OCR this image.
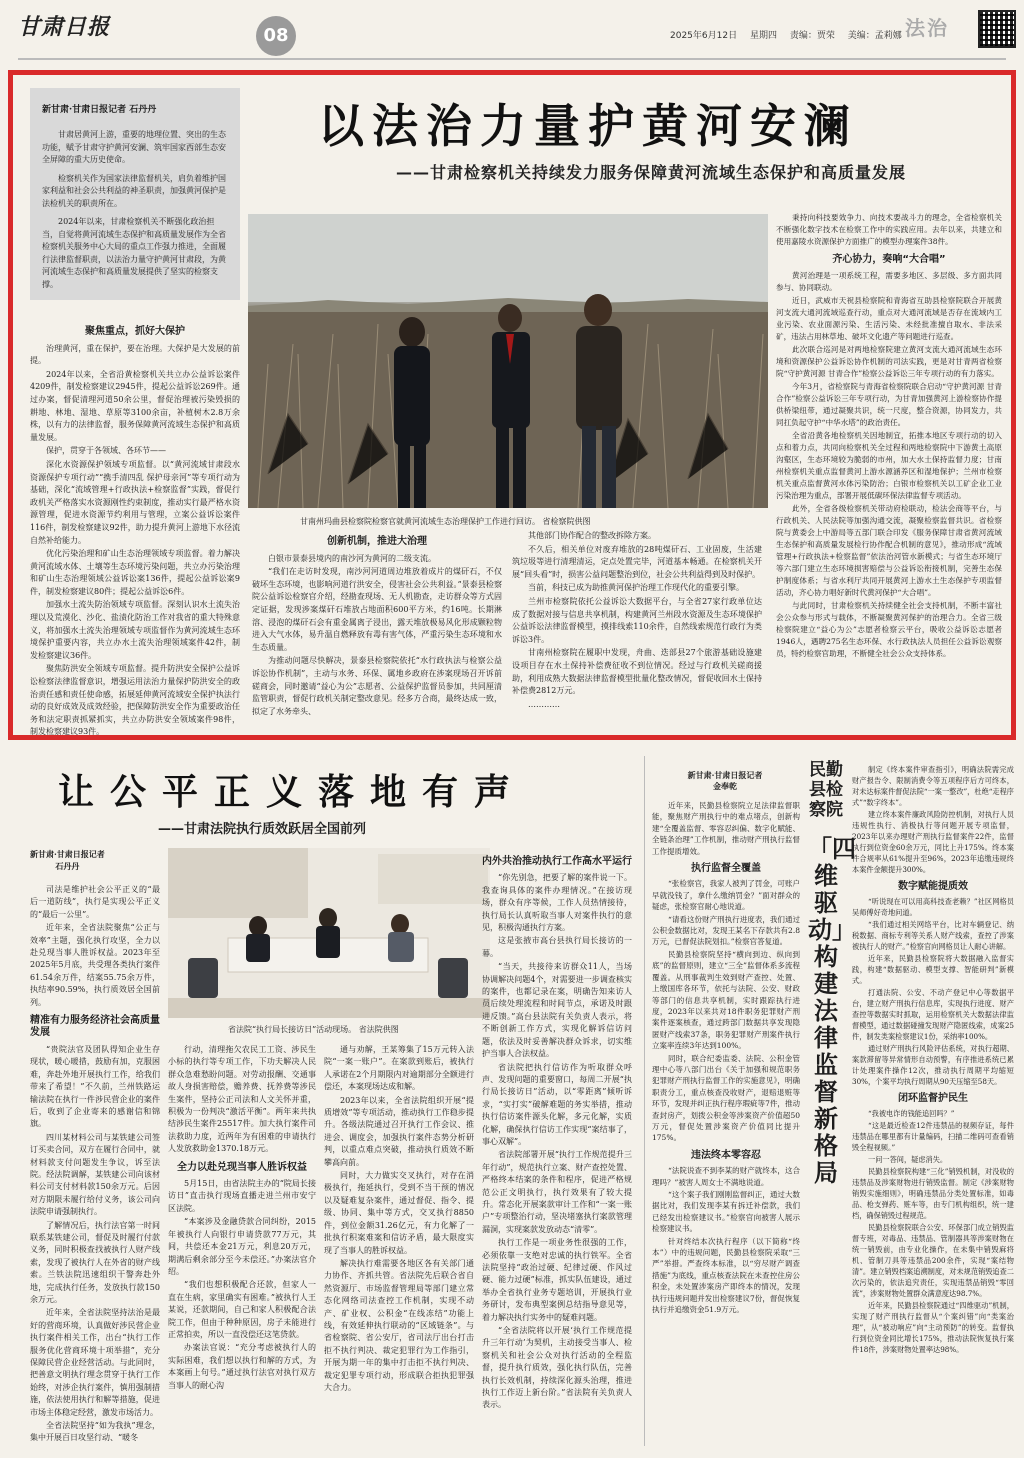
甘肃日报	08	2025年6月12日 星期四 责编：贾荣 美编：孟莉娜 法治
新甘肃·甘肃日报记者 石丹丹

甘肃居黄河上游，重要的地理位置、突出的生态功能，赋予甘肃守护黄河安澜、筑牢国家西部生态安全屏障的重大历史使命。

检察机关作为国家法律监督机关，肩负着维护国家利益和社会公共利益的神圣职责，加强黄河保护是法检机关的职责所在。

2024年以来，甘肃检察机关不断强化政治担当，自觉将黄河流域生态保护和高质量发展作为全省检察机关服务中心大局的重点工作强力推进，全面履行法律监督职责，以法治力量守护黄河甘肃段，为黄河流域生态保护和高质量发展提供了坚实的检察支撑。

以法治力量护黄河安澜
——甘肃检察机关持续发力服务保障黄河流域生态保护和高质量发展
甘南州玛曲县检察院检察官就黄河流域生态治理保护工作进行回访。 省检察院供图
聚焦重点，抓好大保护

治理黄河，重在保护，要在治理。大保护是大发展的前提。

2024年以来，全省沿黄检察机关共立办公益诉讼案件4209件，制发检察建议2945件，提起公益诉讼269件。通过办案，督促清理河道50余公里，督促治理被污染毁损的耕地、林地、湿地、草原等3100余亩，补植树木2.8万余株，以有力的法律监督，服务保障黄河流域生态保护和高质量发展。

保护，贯穿于各领域、各环节——

深化水资源保护领域专项监督。以“黄河流域甘肃段水资源保护专项行动”“携手清四乱 保护母亲河”等专项行动为基础，深化“流域管理+行政执法+检察监督”实践，督促行政机关严格落实水资源刚性约束制度，推动实行最严格水资源管理，促进水资源节约利用与管理，立案公益诉讼案件116件，制发检察建议92件，助力提升黄河上游地下水径流自然补给能力。

优化污染治理和矿山生态治理领域专项监督。着力解决黄河流域水体、土壤等生态环境污染问题，共立办污染治理和矿山生态治理领域公益诉讼案136件，提起公益诉讼案9件，制发检察建议80件；提起公益诉讼6件。

加强水土流失防治领域专项监督。深刻认识水土流失治理以及荒漠化、沙化、盐渍化防治工作对我省的重大特殊意义，将加强水土流失治理领域专项监督作为黄河流域生态环境保护重要内容，共立办水土流失治理领域案件42件，制发检察建议36件。

聚焦防洪安全领域专项监督。提升防洪安全保护公益诉讼检察法律监督意识，增强运用法治力量保护防洪安全的政治责任感和责任使命感，拓展延伸黄河流域安全保护执法行动的良好成效及成效经验，把保障防洪安全作为重要政治任务和法定职责抓紧抓实，共立办防洪安全领域案件98件，制发检察建议93件。

创新机制，推进大治理

白银市景泰县境内的南沙河为黄河的二级支流。

“我们在走访时发现，南沙河河道周边堆放着成片的煤矸石，不仅破坏生态环境，也影响河道行洪安全，侵害社会公共利益。”景泰县检察院公益诉讼检察官介绍，经勘查现场、无人机勘查，走访群众等方式固定证据，发现涉案煤矸石堆放占地面积600平方米，约16吨。长期淋溶、浸泡的煤矸石会有重金属离子浸出，露天堆放极易风化形成颗粒物进入大气水体，易升温自燃释放有毒有害气体，严重污染生态环境和水生态质量。

为推动问题尽快解决，景泰县检察院依托“水行政执法与检察公益诉讼协作机制”，主动与水务、环保、属地乡政府在涉案现场召开诉前磋商会，同时邀请“益心为公”志愿者、公益保护监督员参加，共同厘清监管职责，督促行政机关制定整改意见。经多方合商，最终达成一致，拟定了水务牵头、

其他部门协作配合的整改拆除方案。

不久后，相关单位对废弃堆放的28吨煤矸石、工业固废，生活建筑垃圾等进行清理清运，定点处置完毕，河道基本畅通。在检察机关开展“回头看”时，损害公益问题整治到位，社会公共利益得到及时保护。

当前，科技已成为助推黄河保护治理工作现代化的重要引擎。

兰州市检察院依托公益诉讼大数据平台，与全省27家行政单位达成了数据对接与信息共享机制，构建黄河兰州段水资源及生态环境保护公益诉讼法律监督模型，摸排线索110余件，自然线索规范行政行为类诉讼3件。

甘南州检察院在履职中发现，舟曲、迭部县27个旅游基础设施建设项目存在水土保持补偿费征收不到位情况。经过与行政机关磋商援助，利用成熟大数据法律监督模型批量化整改情况，督促收回水土保持补偿费2812万元。

…………

秉持向科技要效争力、向技术要战斗力的理念，全省检察机关不断强化数字技术在检察工作中的实践应用。去年以来，共建立和使用嘉陵水资源保护方面推广的模型办理案件38件。

齐心协力，奏响“大合唱”

黄河治理是一项系统工程，需要多地区、多层级、多方面共同参与、协同联动。

近日，武威市天祝县检察院和青海省互助县检察院联合开展黄河支流大通河流域巡查行动，重点对大通河流域是否存在流域内工业污染、农业面源污染、生活污染、未经批准擅自取水、非法采矿，违法占用林草地、破坏文化遗产等问题进行巡查。

此次联合巡河是对两地检察院建立黄河支流大通河流域生态环境和资源保护公益诉讼协作机制的司法实践，更是对甘青两省检察院“守护黄河源 甘青合作”检察公益诉讼三年专项行动的有力落实。

今年3月，省检察院与青海省检察院联合启动“守护黄河源 甘青合作”检察公益诉讼三年专项行动，为甘青加强黄河上游检察协作提供桥梁纽带，通过凝聚共识，统一尺度，整合资源，协同发力，共同扛负起守护“中华水塔”的政治责任。

全省沿黄各地检察机关因地制宜，拓推本地区专项行动的切入点和着力点，共同向检察机关全过程和两地检察院中下游黄土高原沟壑区，生态环境较为脆弱的市州，加大水土保持监督力度；甘南州检察机关重点监督黄河上游水源涵养区和湿地保护；兰州市检察机关重点监督黄河水体污染防治；白银市检察机关以工矿企业工业污染治理为重点，部署开展低碳环保法律监督专项活动。

此外，全省各级检察机关带动府检联动，检法会商等平台，与行政机关、人民法院等加强沟通交流，凝聚检察监督共识。省检察院与黄委会上中游局等五部门联合印发《服务保障甘肃省黄河流域生态保护和高质量发展检行协作配合机制的意见》，推动形成“流域管理+行政执法+检察监督”依法治河管水新模式；与省生态环境厅等六部门建立生态环境损害赔偿与公益诉讼衔接机制，完善生态保护制度体系；与省水利厅共同开展黄河上游水土生态保护专项监督活动，齐心协力唱好新时代黄河保护“大合唱”。

与此同时，甘肃检察机关持续健全社会支持机制，不断丰富社会公众参与形式与载体，不断凝聚黄河保护的治理合力。全省三级检察院建立“益心为公”志愿者检察云平台，吸收公益诉讼志愿者1946人，遇聘275名生态环保、水行政执法人员担任公益诉讼观察员，特约检察官助理，不断健全社会公众支持体系。

让公平正义落地有声
——甘肃法院执行质效跃居全国前列
新甘肃·甘肃日报记者
石丹丹
省法院“执行局长接访日”活动现场。 省法院供图

司法是维护社会公平正义的“最后一道防线”，执行是实现公平正义的“最后一公里”。

近年来，全省法院聚焦“公正与效率”主题，强化执行攻坚，全力以赴兑现当事人胜诉权益。2023年至2025年5月底，共受理各类执行案件61.54余万件，结案55.75余万件，执结率90.59%，执行质效居全国前列。

精准有力服务经济社会高质量发展

“贵院法官及团队得知企业生存现状，暖心暖措，鼓励有加，克服困难，奔赴外地开展执行工作，给我们带来了希望！”不久前，兰州铁路运输法院在执行一件涉民营企业的案件后，收到了企业寄来的感谢信和锦旗。

四川某材料公司与某铁建公司签订买卖合同，双方在履行合同中，就材料款支付问题发生争议，诉至法院。经法院调解，某铁建公司向该材料公司支付材料款150余万元。后因对方期限未履行给付义务，该公司向法院申请强制执行。

了解情况后，执行法官第一时间联系某铁建公司，督促及时履行付款义务，同时积极查找被执行人财产线索，发现了被执行人在外省的财产线索。兰铁法院迅速组织干警奔赴外地，完成执行任务，发放执行款150余万元。

近年来，全省法院坚持法治是最好的营商环境，认真做好涉民营企业执行案件相关工作，出台“执行工作服务优化营商环境十项举措”，充分保障民营企业经营活动。与此同时，把善意文明执行理念贯穿于执行工作始终，对涉企执行案件，慎用强制措施，依法使用执行和解等措施，促进市场主体稳定经营，激发市场活力。

全省法院坚持“如为我执”理念，集中开展百日攻坚行动、“暖冬

行动，清理拖欠农民工工资、涉民生小标的执行等专项工作，下功夫解决人民群众急难愁盼问题。对劳动报酬、交通事故人身损害赔偿，赡养费、抚养费等涉民生案件，坚持公正司法和人文关怀并重，积极为一份判决“激活平衡”。两年来共执结涉民生案件25517件。加大执行案件司法救助力度，近两年为有困难的申请执行人发放救助金1370.18万元。

全力以赴兑现当事人胜诉权益

5月15日，由省法院主办的“院局长接访日”直击执行现场直播走进兰州市安宁区法院。

“本案涉及金融贷款合同纠纷，2015年被执行人向银行申请贷款77万元，其间，共偿还本金21万元，利息20万元，期满后剩余部分至今未偿还。”办案法官介绍。

“我们也想积极配合还款，但家人一直在生病，家里确实有困难。”被执行人王某说，还款期间，自己和家人积极配合法院工作，但由于种种原因，房子未能进行正常拍卖，所以一直没偿还这笔贷款。

办案法官说：“充分考虑被执行人的实际困难，我们想以执行和解的方式，为本案画上句号。”通过执行法官对执行双方当事人的耐心沟

通与劝解，王某筹集了15万元转入法院“一案一账户”。在案款到账后，被执行人承诺在2个月期限内对逾期部分全额进行偿还，本案现场达成和解。

2023年以来，全省法院组织开展“提质增效”等专项活动，推动执行工作稳步提升。各级法院通过召开执行工作会议、推进会、调度会，加强执行案件态势分析研判，以重点难点突破，推动执行质效不断攀高向前。

同时，大力做实交叉执行，对存在消极执行，拖延执行，受到不当干预的情况以及疑难复杂案件，通过督促、指令、提级、协同、集中等方式，交叉执行8850件，到位金额31.26亿元，有力化解了一批执行积案难案和信访矛盾，最大限度实现了当事人的胜诉权益。

解决执行难需要各地区各有关部门通力协作、齐抓共管。省法院先后联合省自然资源厅、市场监督管理局等部门建立常态化网络司法查控工作机制，实现不动产、矿业权、公积金“在线冻结”功能上线，有效延伸执行联动的“区域链条”。与省检察院、省公安厅，省司法厅出台打击拒不执行判决、裁定犯罪行为工作指引，开展为期一年的集中打击拒不执行判决、裁定犯罪专项行动，形成联合拒执犯罪强大合力。

内外共治推动执行工作高水平运行

“你先别急，把要了解的案件说一下。我查询具体的案件办理情况。”在接访现场，群众有序等候，工作人员热情接待，执行局长认真听取当事人对案件执行的意见，积极沟通执行方案。

这是张掖市高台县执行局长接访的一幕。

“当天，共接待来访群众11人，当场协调解决问题4个，对需要进一步调查核实的案件，也都记录在案，明确告知来访人员后续处理流程和时间节点，承诺及时跟进反馈。”高台县法院有关负责人表示，将不断创新工作方式，实现化解诉信访问题，依法及时妥善解决群众诉求，切实维护当事人合法权益。

省法院把执行信访作为听取群众呼声、发现问题的重要窗口，每周二开展“执行局长接访日”活动，以“零距离”倾听诉求，“实打实”破解难题的务实举措，推动执行信访案件源头化解，多元化解，实质化解，确保执行信访工作实现“案结事了，事心双解”。

省法院部署开展“执行工作规范提升三年行动”，规范执行立案、财产查控处置、严格终本结案的条件和程序，促进严格规范公正文明执行，执行效果有了较大提升。常态化开展案款审计工作和“一案一账户”专项整治行动，坚决堵塞执行案款管理漏洞，实现案款发放动态“清零”。

执行工作是一项业务性很强的工作，必须依靠一支绝对忠诚的执行铁军。全省法院坚持“政治过硬、纪律过硬、作风过硬、能力过硬”标准，抓实队伍建设，通过举办全省执行业务专题培训，开展执行业务研讨，发布典型案例总结指导意见等，着力解决执行实务中的疑难问题。

“全省法院将以开展‘执行工作规范提升三年行动’为契机，主动接受当事人、检察机关和社会公众对执行活动的全程监督，提升执行质效，强化执行队伍，完善执行长效机制，持续深化源头治理，推进执行工作迈上新台阶。”省法院有关负责人表示。

新甘肃·甘肃日报记者
金奉乾
民勤县检察院
「四维驱动」构建法律监督新格局

近年来，民勤县检察院立足法律监督职能，聚焦财产刑执行中的难点堵点，创新构建“全覆盖监督、零容忍纠偏、数字化赋能、全链条治理”工作机制，推动财产刑执行监督工作提质增效。

执行监督全覆盖

“张检察官，我家人被判了罚金，可账户早就没钱了，拿什么缴纳罚金？”面对群众的疑虑，张检察官耐心地说道。

“请看这份财产刑执行进度表，我们通过公积金数据比对，发现王某名下存款共有2.8万元，已督促法院划扣。”检察官答复道。

民勤县检察院坚持“横向到边、纵向到底”的监督原则，建立“三全”监督体系多流程覆盖。从刑事裁判生效到财产查控、处置、上缴国库各环节，依托与法院、公安、财政等部门的信息共享机制，实时跟踪执行进度，2023年以来共对18件职务犯罪财产刑案件逐案核查，通过跨部门数据共享发现隐匿财产线索37条，职务犯罪财产刑案件执行立案率连续3年达到100%。

同时，联合纪委监委、法院、公积金管理中心等八部门出台《关于加强和规范职务犯罪财产刑执行监督工作的实施意见》，明确职责分工，重点核查没收财产，退赔退赃等环节，发现并纠正执行程序瑕疵等7件，推动查封房产，划拨公积金等涉案资产价值超50万元，督促处置涉案资产价值同比提升175%。

违法终本零容忍

“法院说查不到李某的财产就终本，这合理吗？”被害人周女士不满地说道。

“这个案子我们刚刚监督纠正，通过大数据比对，我们发现李某有拆迁补偿款，我们已经发出检察建议书。”检察官向被害人展示检察建议书。

针对终结本次执行程序（以下简称“终本”）中的违规问题，民勤县检察院采取“三严”举措。严查终本标准，以“穷尽财产调查措施”为底线，重点核查法院在未查控住房公积金，未处置涉案房产即终本的情况，发现执行违规问题并发出检察建议7份，督促恢复执行并追缴资金51.9万元。

制定《终本案件审查指引》，明确法院需完成财产报告令、限制消费令等五项程序后方可终本，对未达标案件督促法院“一案一整改”，杜绝“走程序式”“数字终本”。

建立终本案件廉政风险防控机制，对执行人员违规性执行、消极执行等问题开展专项监督，2023年以来办理财产刑执行监督案件22件，监督执行到位资金60余万元，同比上升175%。终本案件合规率从61%提升至96%，2023年追缴违规终本案件金额提升300%。

数字赋能提质效

“听说现在可以用高科技查老赖？”社区网格员吴师傅好奇地问道。

“我们通过相关网络平台，比对车辆登记、纳税数据、商标专利等关系人财产线索，查控了涉案被执行人的财产。”检察官向网格员让人耐心讲解。

近年来，民勤县检察院将大数据融入监督实践，构建“数据驱动、模型支撑、智能研判”新模式。

打通法院、公安、不动产登记中心等数据平台，建立财产刑执行信息库，实现执行进度、财产查控等数据实时抓取，运用检察机关大数据法律监督模型，通过数据碰撞发现财产隐匿线索，成案25件，制发类案检察建议1份，采纳率100%。

通过财产刑执行风险评估系统，对执行超期、案款滞留等异常情形自动预警，有序推进系统已累计处理案件操作12次，推动执行周期平均缩短30%，个案平均执行周期从90天压缩至58天。

闭环监督护民生

“我被电诈的钱能追回吗？”

“这是最近检查12件违禁品的视频存证，每件违禁品在哪里都有计量编码，扫描二维码可查看销毁全程视频。”

一问一答间，疑虑消失。

民勤县检察院构建“三化”销毁机制，对没收的违禁品及涉案财物进行销毁监督。制定《涉案财物销毁实施细则》，明确违禁品分类处置标准，如毒品、枪支弹药、赃车等，由专门机构组织，统一建档，确保销毁过程规范。

民勤县检察院联合公安、环保部门成立销毁监督专班，对毒品、违禁品、管制器具等涉案财物在统一销毁前，由专业化操作，在未集中销毁麻将机、管制刀具等违禁品200余件，实现“案结物清”。建立销毁档案追溯制度，对未规范销毁追查二次污染的，依法追究责任，实现违禁品销毁“零回流”，涉案财物处置群众满意度达98.7%。

近年来，民勤县检察院通过“四维驱动”机制，实现了财产刑执行监督从“个案纠错”向“类案治理”，从“被动响应”向“主动预防”的转变。监督执行到位资金同比增长175%，推动法院恢复执行案件18件，涉案财物处置率达98%。
